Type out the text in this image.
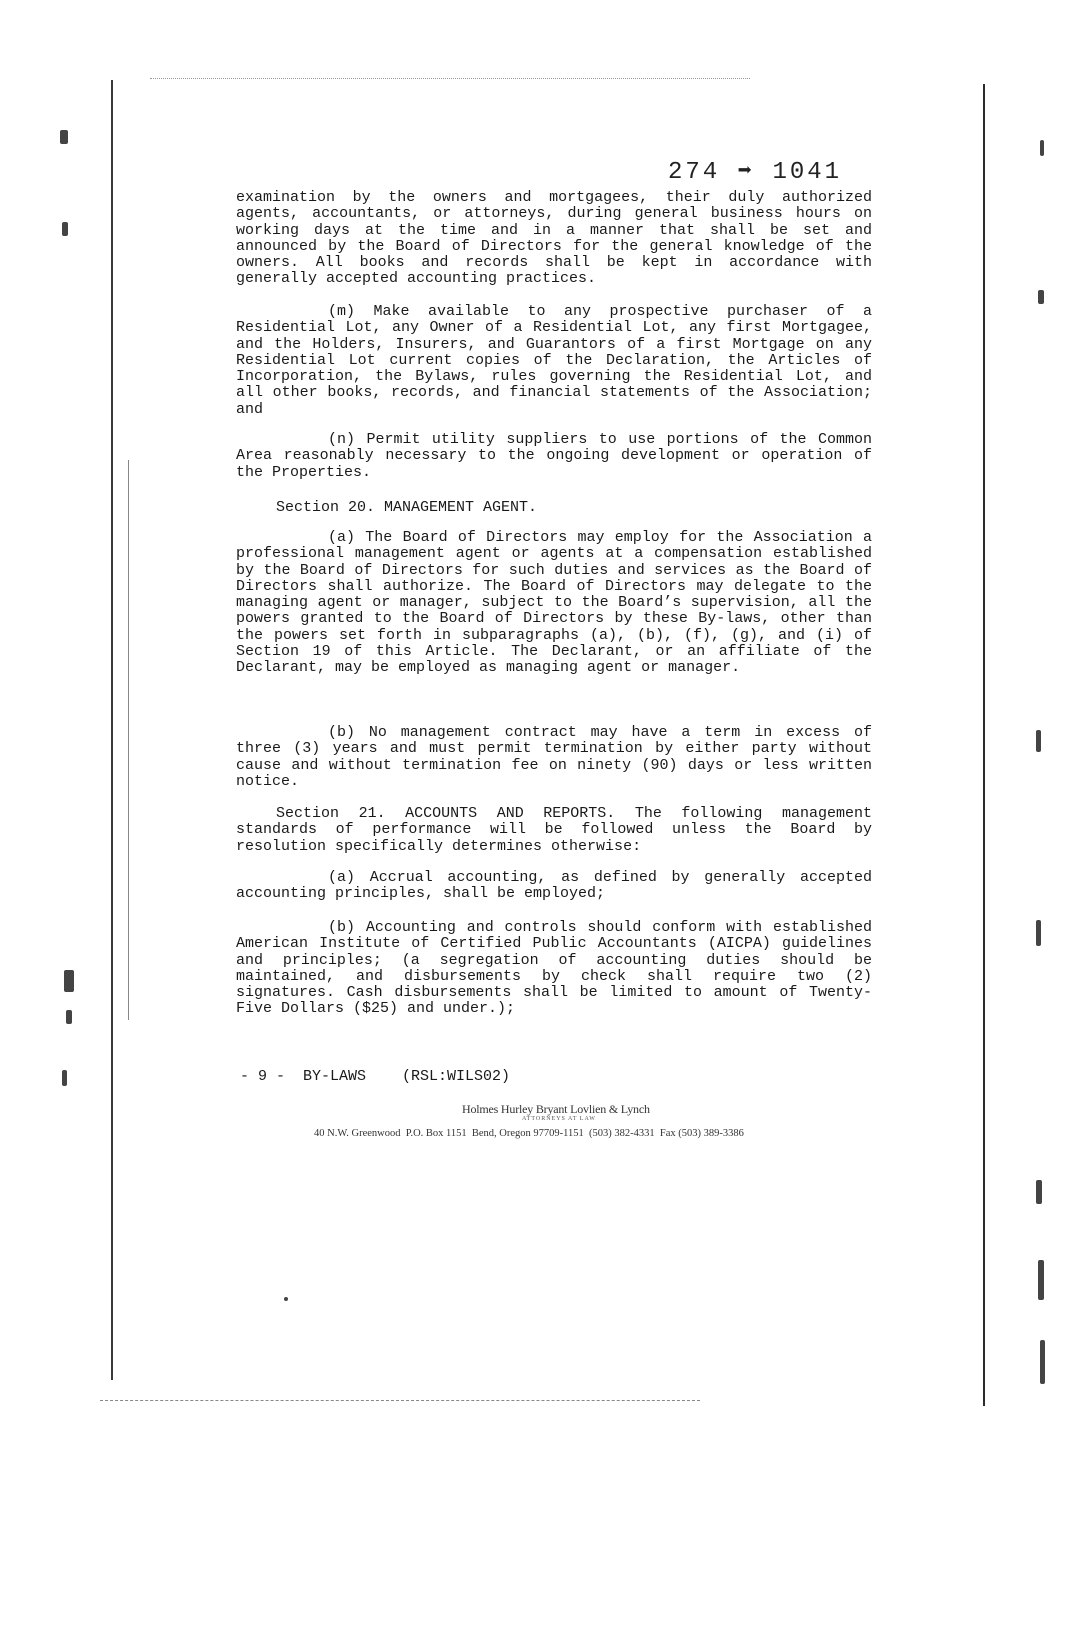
274 ➡ 1041
examination by the owners and mortgagees, their duly authorized agents, accountants, or attorneys, during general business hours on working days at the time and in a manner that shall be set and announced by the Board of Directors for the general knowledge of the owners. All books and records shall be kept in accordance with generally accepted accounting practices.
(m) Make available to any prospective purchaser of a Residential Lot, any Owner of a Residential Lot, any first Mortgagee, and the Holders, Insurers, and Guarantors of a first Mortgage on any Residential Lot current copies of the Declaration, the Articles of Incorporation, the Bylaws, rules governing the Residential Lot, and all other books, records, and financial statements of the Association; and
(n) Permit utility suppliers to use portions of the Common Area reasonably necessary to the ongoing development or operation of the Properties.
Section 20. MANAGEMENT AGENT.
(a) The Board of Directors may employ for the Association a professional management agent or agents at a compensation established by the Board of Directors for such duties and services as the Board of Directors shall authorize. The Board of Directors may delegate to the managing agent or manager, subject to the Board’s supervision, all the powers granted to the Board of Directors by these By-laws, other than the powers set forth in subparagraphs (a), (b), (f), (g), and (i) of Section 19 of this Article. The Declarant, or an affiliate of the Declarant, may be employed as managing agent or manager.
(b) No management contract may have a term in excess of three (3) years and must permit termination by either party without cause and without termination fee on ninety (90) days or less written notice.
Section 21. ACCOUNTS AND REPORTS. The following management standards of performance will be followed unless the Board by resolution specifically determines otherwise:
(a) Accrual accounting, as defined by generally accepted accounting principles, shall be employed;
(b) Accounting and controls should conform with established American Institute of Certified Public Accountants (AICPA) guidelines and principles; (a segregation of accounting duties should be maintained, and disbursements by check shall require two (2) signatures. Cash disbursements shall be limited to amount of Twenty-Five Dollars ($25) and under.);
- 9 -  BY-LAWS    (RSL:WILS02)
Holmes Hurley Bryant Lovlien & Lynch
ATTORNEYS AT LAW
40 N.W. Greenwood  P.O. Box 1151  Bend, Oregon 97709-1151  (503) 382-4331  Fax (503) 389-3386
